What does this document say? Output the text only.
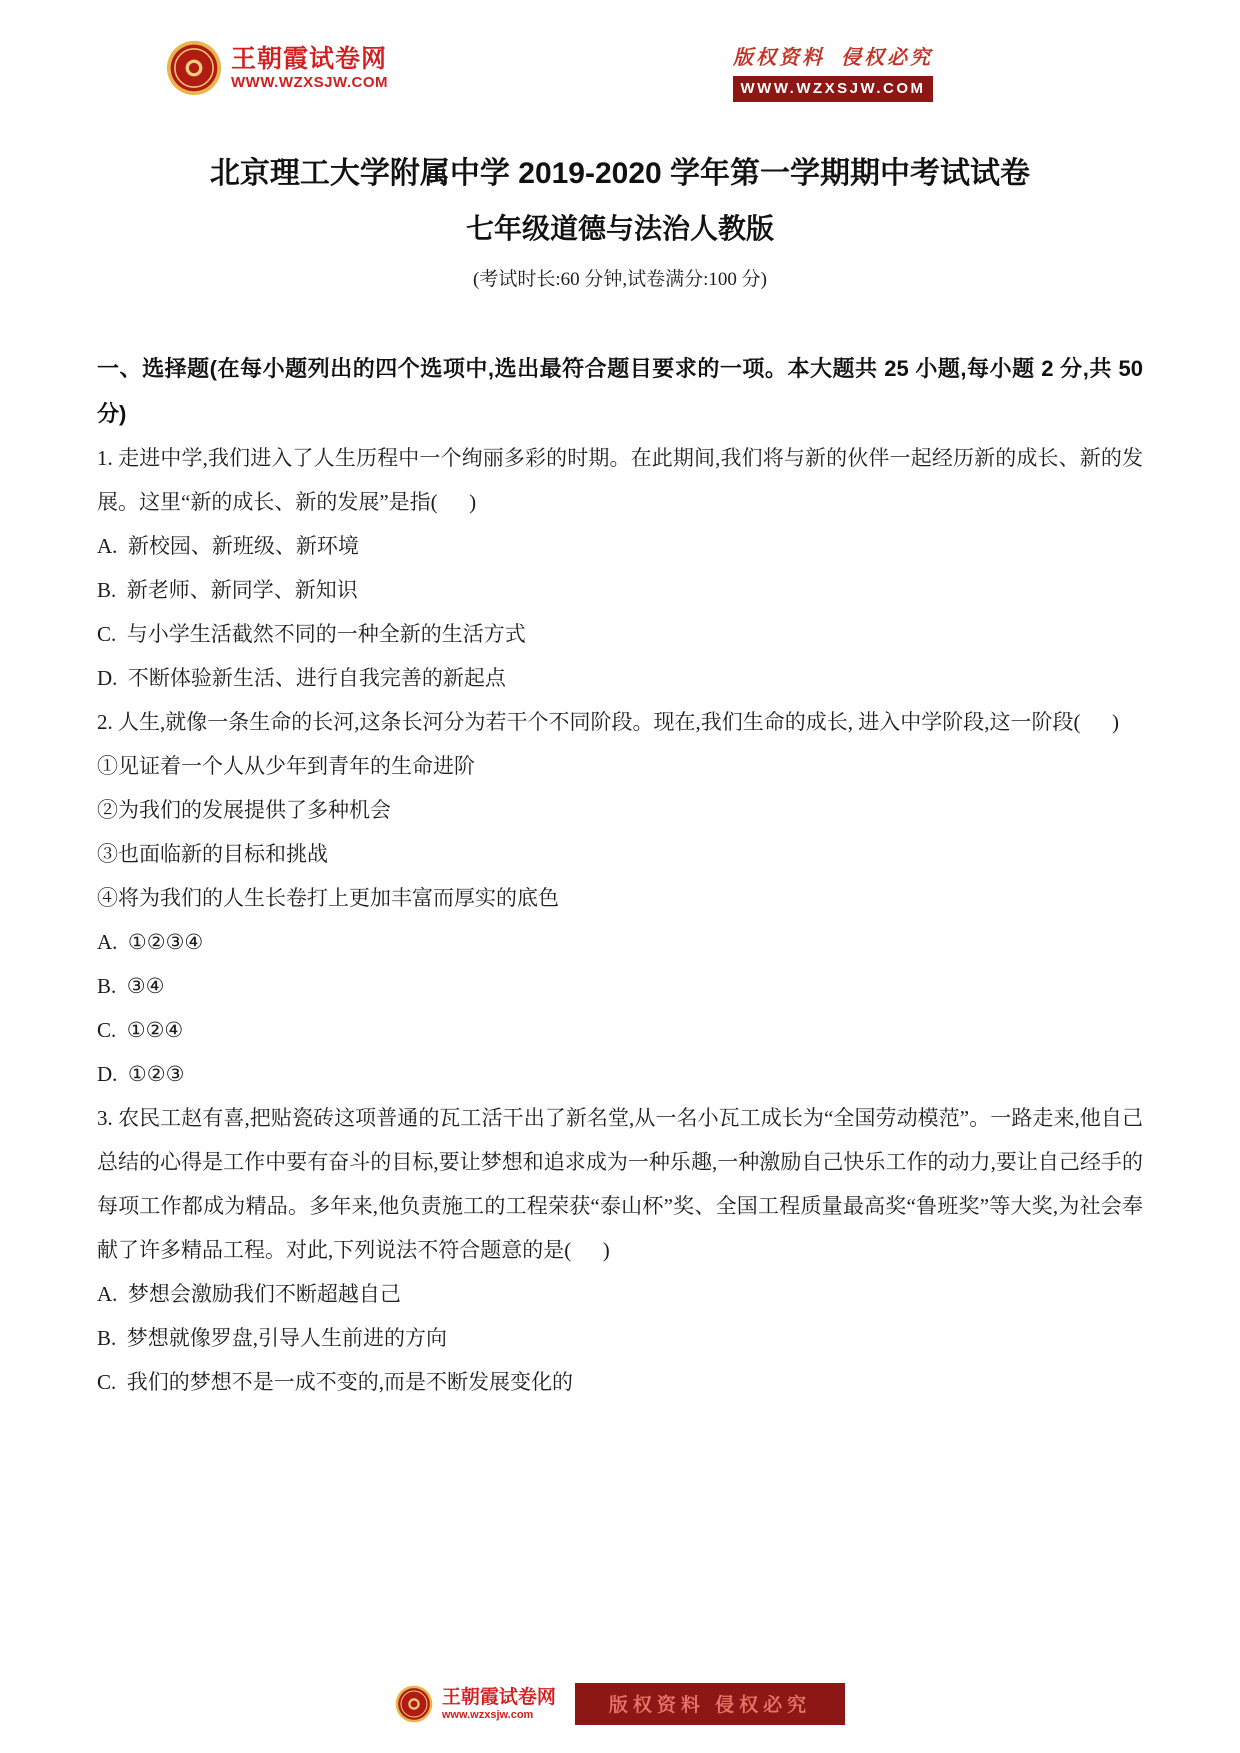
王朝霞试卷网
WWW.WZXSJW.COM
版权资料  侵权必究
WWW.WZXSJW.COM
北京理工大学附属中学 2019-2020 学年第一学期期中考试试卷
七年级道德与法治人教版

(考试时长:60 分钟,试卷满分:100 分)

一、选择题(在每小题列出的四个选项中,选出最符合题目要求的一项。本大题共 25 小题,每小题 2 分,共 50 分)

1. 走进中学,我们进入了人生历程中一个绚丽多彩的时期。在此期间,我们将与新的伙伴一起经历新的成长、新的发展。这里“新的成长、新的发展”是指(      )

A.  新校园、新班级、新环境

B.  新老师、新同学、新知识

C.  与小学生活截然不同的一种全新的生活方式

D.  不断体验新生活、进行自我完善的新起点

2. 人生,就像一条生命的长河,这条长河分为若干个不同阶段。现在,我们生命的成长, 进入中学阶段,这一阶段(      )

①见证着一个人从少年到青年的生命进阶

②为我们的发展提供了多种机会

③也面临新的目标和挑战

④将为我们的人生长卷打上更加丰富而厚实的底色

A.  ①②③④

B.  ③④

C.  ①②④

D.  ①②③

3. 农民工赵有喜,把贴瓷砖这项普通的瓦工活干出了新名堂,从一名小瓦工成长为“全国劳动模范”。一路走来,他自己总结的心得是工作中要有奋斗的目标,要让梦想和追求成为一种乐趣,一种激励自己快乐工作的动力,要让自己经手的每项工作都成为精品。多年来,他负责施工的工程荣获“泰山杯”奖、全国工程质量最高奖“鲁班奖”等大奖,为社会奉献了许多精品工程。对此,下列说法不符合题意的是(      )

A.  梦想会激励我们不断超越自己

B.  梦想就像罗盘,引导人生前进的方向

C.  我们的梦想不是一成不变的,而是不断发展变化的

王朝霞试卷网
www.wzxsjw.com	版权资料 侵权必究
